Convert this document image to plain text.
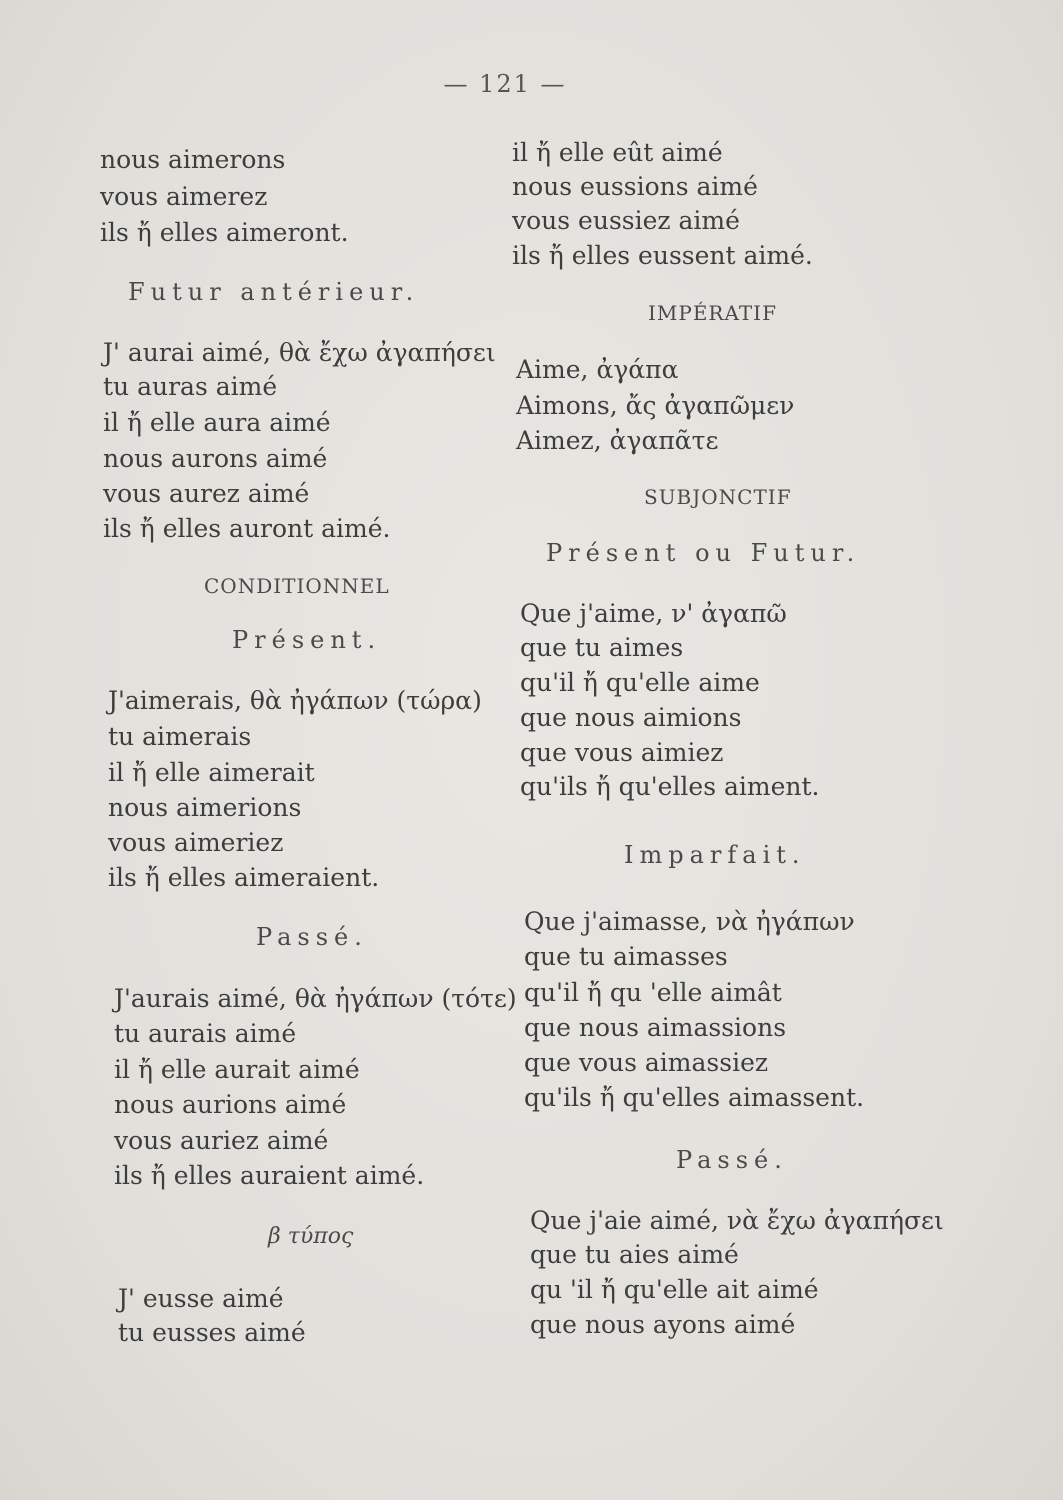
— 121 —
nous aimerons
vous aimerez
ils ἤ elles aimeront.
Futur antérieur.
J' aurai aimé, θὰ ἔχω ἀγαπήσει
tu auras aimé
il ἤ elle aura aimé
nous aurons aimé
vous aurez aimé
ils ἤ elles auront aimé.
CONDITIONNEL
Présent.
J'aimerais, θὰ ἠγάπων (τώρα)
tu aimerais
il ἤ elle aimerait
nous aimerions
vous aimeriez
ils ἤ elles aimeraient.
Passé.
J'aurais aimé, θὰ ἠγάπων (τότε)
tu aurais aimé
il ἤ elle aurait aimé
nous aurions aimé
vous auriez aimé
ils ἤ elles auraient aimé.
β τύπος
J' eusse aimé
tu eusses aimé
il ἤ elle eût aimé
nous eussions aimé
vous eussiez aimé
ils ἤ elles eussent aimé.
IMPÉRATIF
Aime, ἀγάπα
Aimons, ἄς ἀγαπῶμεν
Aimez, ἀγαπᾶτε
SUBJONCTIF
Présent ou Futur.
Que j'aime, ν' ἀγαπῶ
que tu aimes
qu'il ἤ qu'elle aime
que nous aimions
que vous aimiez
qu'ils ἤ qu'elles aiment.
Imparfait.
Que j'aimasse, νὰ ἠγάπων
que tu aimasses
qu'il ἤ qu 'elle aimât
que nous aimassions
que vous aimassiez
qu'ils ἤ qu'elles aimassent.
Passé.
Que j'aie aimé, νὰ ἔχω ἀγαπήσει
que tu aies aimé
qu 'il ἤ qu'elle ait aimé
que nous ayons aimé
